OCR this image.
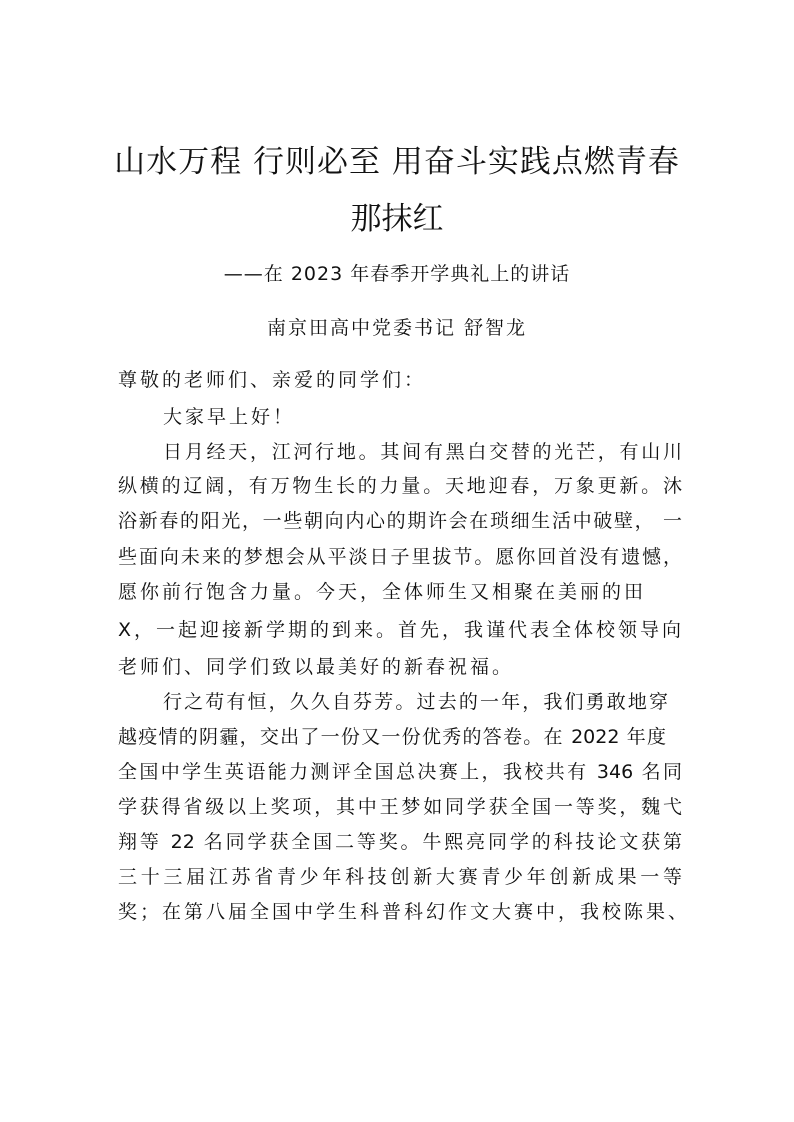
山水万程 行则必至 用奋斗实践点燃青春
那抹红
——在 2023 年春季开学典礼上的讲话
南京田高中党委书记 舒智龙
尊敬的老师们、亲爱的同学们：
大家早上好！
日月经天，江河行地。其间有黑白交替的光芒，有山川
纵横的辽阔，有万物生长的力量。天地迎春，万象更新。沐
浴新春的阳光，一些朝向内心的期许会在琐细生活中破壁， 一
些面向未来的梦想会从平淡日子里拔节。愿你回首没有遗憾，
愿你前行饱含力量。今天，全体师生又相聚在美丽的田
X，一起迎接新学期的到来。首先，我谨代表全体校领导向
老师们、同学们致以最美好的新春祝福。
行之苟有恒，久久自芬芳。过去的一年，我们勇敢地穿
越疫情的阴霾，交出了一份又一份优秀的答卷。在 2022 年度
全国中学生英语能力测评全国总决赛上，我校共有 346 名同
学获得省级以上奖项，其中王梦如同学获全国一等奖，魏弋
翔等 22 名同学获全国二等奖。牛熙亮同学的科技论文获第
三十三届江苏省青少年科技创新大赛青少年创新成果一等
奖；在第八届全国中学生科普科幻作文大赛中，我校陈果、
